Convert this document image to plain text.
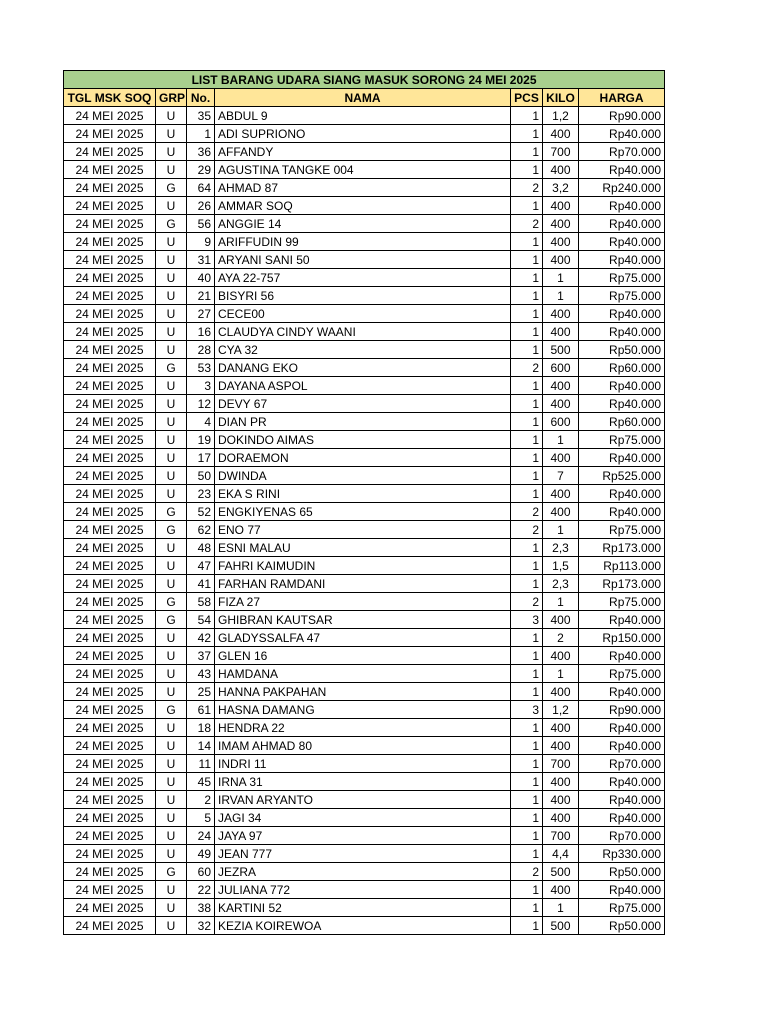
LIST BARANG UDARA SIANG MASUK SORONG 24 MEI 2025						
TGL MSK SOQ	GRP	No.	NAMA	PCS	KILO	HARGA
24 MEI 2025	U	35	ABDUL 9	1	1,2	Rp90.000
24 MEI 2025	U	1	ADI SUPRIONO	1	400	Rp40.000
24 MEI 2025	U	36	AFFANDY	1	700	Rp70.000
24 MEI 2025	U	29	AGUSTINA TANGKE 004	1	400	Rp40.000
24 MEI 2025	G	64	AHMAD 87	2	3,2	Rp240.000
24 MEI 2025	U	26	AMMAR SOQ	1	400	Rp40.000
24 MEI 2025	G	56	ANGGIE 14	2	400	Rp40.000
24 MEI 2025	U	9	ARIFFUDIN 99	1	400	Rp40.000
24 MEI 2025	U	31	ARYANI SANI 50	1	400	Rp40.000
24 MEI 2025	U	40	AYA 22-757	1	1	Rp75.000
24 MEI 2025	U	21	BISYRI 56	1	1	Rp75.000
24 MEI 2025	U	27	CECE00	1	400	Rp40.000
24 MEI 2025	U	16	CLAUDYA CINDY WAANI	1	400	Rp40.000
24 MEI 2025	U	28	CYA 32	1	500	Rp50.000
24 MEI 2025	G	53	DANANG EKO	2	600	Rp60.000
24 MEI 2025	U	3	DAYANA ASPOL	1	400	Rp40.000
24 MEI 2025	U	12	DEVY 67	1	400	Rp40.000
24 MEI 2025	U	4	DIAN PR	1	600	Rp60.000
24 MEI 2025	U	19	DOKINDO AIMAS	1	1	Rp75.000
24 MEI 2025	U	17	DORAEMON	1	400	Rp40.000
24 MEI 2025	U	50	DWINDA	1	7	Rp525.000
24 MEI 2025	U	23	EKA S RINI	1	400	Rp40.000
24 MEI 2025	G	52	ENGKIYENAS 65	2	400	Rp40.000
24 MEI 2025	G	62	ENO 77	2	1	Rp75.000
24 MEI 2025	U	48	ESNI MALAU	1	2,3	Rp173.000
24 MEI 2025	U	47	FAHRI KAIMUDIN	1	1,5	Rp113.000
24 MEI 2025	U	41	FARHAN RAMDANI	1	2,3	Rp173.000
24 MEI 2025	G	58	FIZA 27	2	1	Rp75.000
24 MEI 2025	G	54	GHIBRAN KAUTSAR	3	400	Rp40.000
24 MEI 2025	U	42	GLADYSSALFA 47	1	2	Rp150.000
24 MEI 2025	U	37	GLEN 16	1	400	Rp40.000
24 MEI 2025	U	43	HAMDANA	1	1	Rp75.000
24 MEI 2025	U	25	HANNA PAKPAHAN	1	400	Rp40.000
24 MEI 2025	G	61	HASNA DAMANG	3	1,2	Rp90.000
24 MEI 2025	U	18	HENDRA 22	1	400	Rp40.000
24 MEI 2025	U	14	IMAM AHMAD 80	1	400	Rp40.000
24 MEI 2025	U	11	INDRI 11	1	700	Rp70.000
24 MEI 2025	U	45	IRNA 31	1	400	Rp40.000
24 MEI 2025	U	2	IRVAN ARYANTO	1	400	Rp40.000
24 MEI 2025	U	5	JAGI 34	1	400	Rp40.000
24 MEI 2025	U	24	JAYA 97	1	700	Rp70.000
24 MEI 2025	U	49	JEAN 777	1	4,4	Rp330.000
24 MEI 2025	G	60	JEZRA	2	500	Rp50.000
24 MEI 2025	U	22	JULIANA 772	1	400	Rp40.000
24 MEI 2025	U	38	KARTINI 52	1	1	Rp75.000
24 MEI 2025	U	32	KEZIA KOIREWOA	1	500	Rp50.000
